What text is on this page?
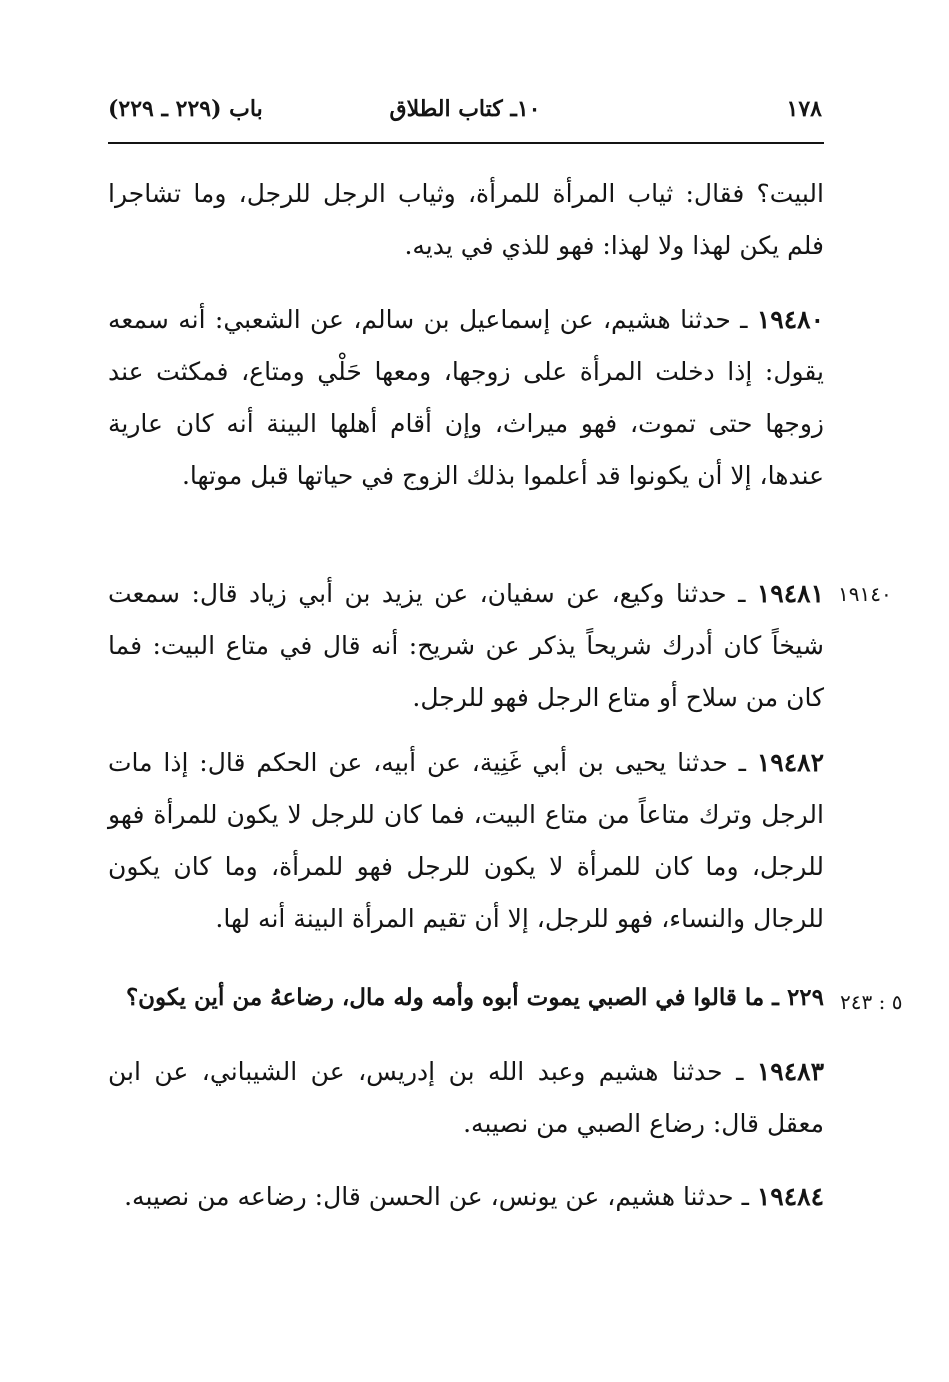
١٧٨
١٠ـ كتاب الطلاق
باب (٢٢٩ ـ ٢٢٩)

البيت؟ فقال: ثياب المرأة للمرأة، وثياب الرجل للرجل، وما تشاجرا فلم يكن لهذا ولا لهذا: فهو للذي في يديه.

١٩٤٨٠ ـ حدثنا هشيم، عن إسماعيل بن سالم، عن الشعبي: أنه سمعه يقول: إذا دخلت المرأة على زوجها، ومعها حَلْي ومتاع، فمكثت عند زوجها حتى تموت، فهو ميراث، وإن أقام أهلها البينة أنه كان عارية عندها، إلا أن يكونوا قد أعلموا بذلك الزوج في حياتها قبل موتها.

١٩١٤٠

١٩٤٨١ ـ حدثنا وكيع، عن سفيان، عن يزيد بن أبي زياد قال: سمعت شيخاً كان أدرك شريحاً يذكر عن شريح: أنه قال في متاع البيت: فما كان من سلاح أو متاع الرجل فهو للرجل.

١٩٤٨٢ ـ حدثنا يحيى بن أبي غَنِية، عن أبيه، عن الحكم قال: إذا مات الرجل وترك متاعاً من متاع البيت، فما كان للرجل لا يكون للمرأة فهو للرجل، وما كان للمرأة لا يكون للرجل فهو للمرأة، وما كان يكون للرجال والنساء، فهو للرجل، إلا أن تقيم المرأة البينة أنه لها.

٥ : ٢٤٣

٢٢٩ ـ ما قالوا في الصبي يموت أبوه وأمه وله مال، رضاعهُ من أين يكون؟

١٩٤٨٣ ـ حدثنا هشيم وعبد الله بن إدريس، عن الشيباني، عن ابن معقل قال: رضاع الصبي من نصيبه.

١٩٤٨٤ ـ حدثنا هشيم، عن يونس، عن الحسن قال: رضاعه من نصيبه.
